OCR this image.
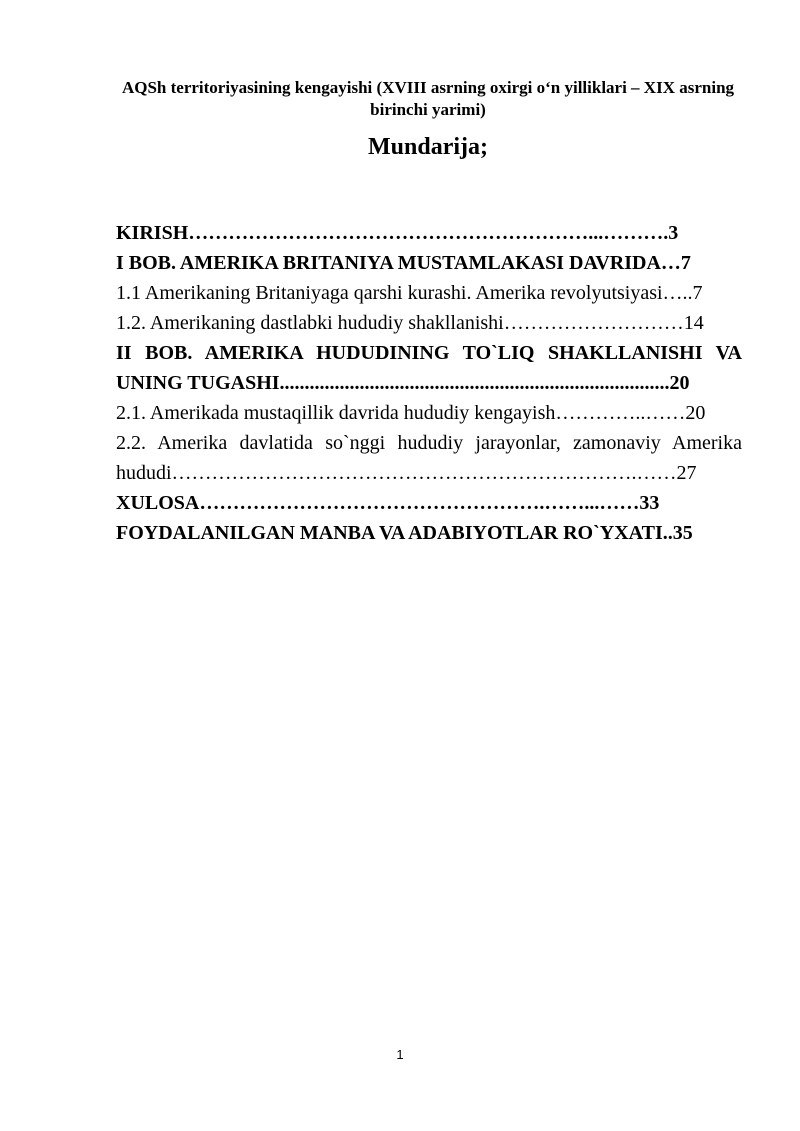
AQSh territoriyasining kengayishi (XVIII asrning oxirgi o‘n yilliklari – XIX asrning birinchi yarimi)
Mundarija;
KIRISH……………………………………………………...……….3
I BOB. AMERIKA BRITANIYA MUSTAMLAKASI DAVRIDA…7
1.1 Amerikaning Britaniyaga qarshi kurashi. Amerika revolyutsiyasi…..7
1.2. Amerikaning dastlabki hududiy shakllanishi………………………14
II BOB. AMERIKA HUDUDINING TO`LIQ SHAKLLANISHI VA UNING TUGASHI..............................................................................20
2.1. Amerikada mustaqillik davrida hududiy kengayish…………..……20
2.2. Amerika davlatida so`nggi hududiy jarayonlar, zamonaviy Amerika hududi…………………………………………………………….……27
XULOSA…………………………………………….……...……33
FOYDALANILGAN MANBA VA ADABIYOTLAR RO`YXATI..35
1
